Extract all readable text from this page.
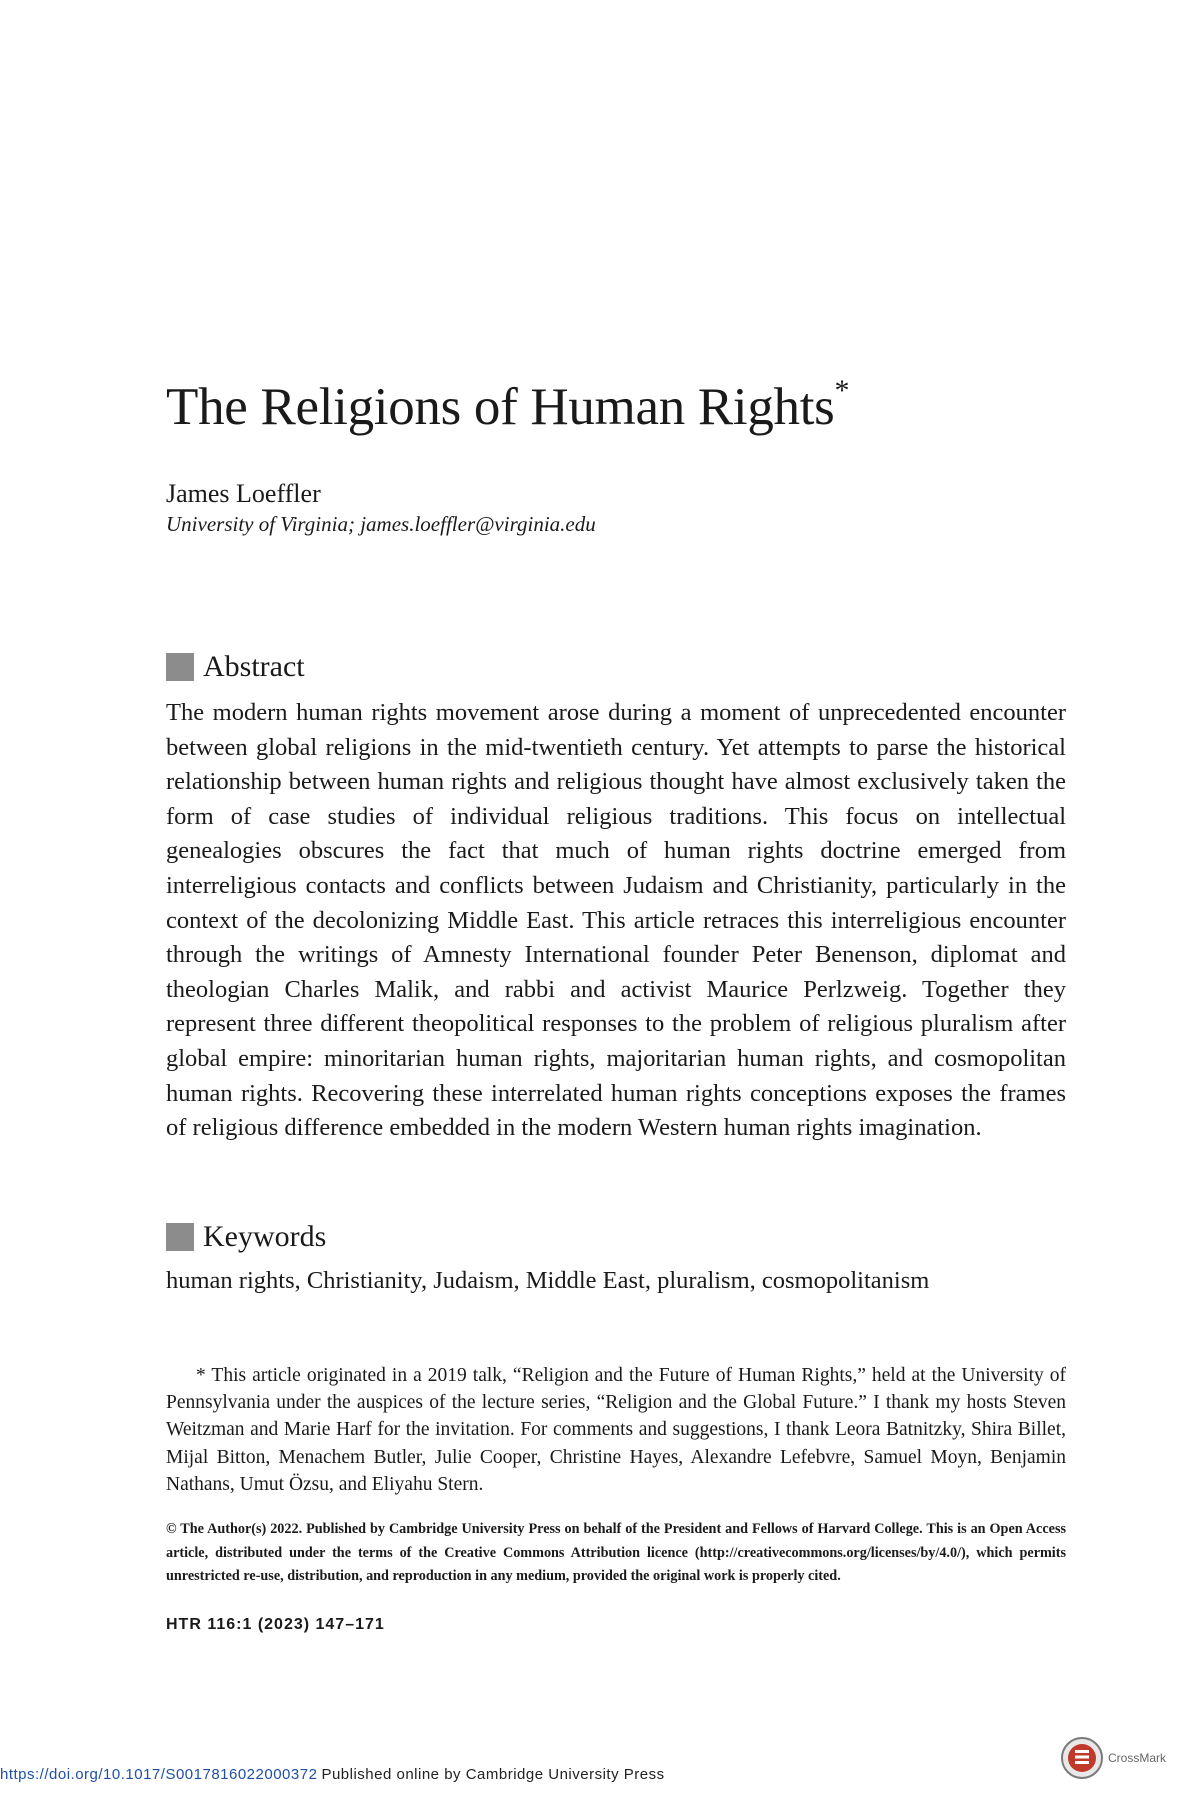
The Religions of Human Rights*
James Loeffler
University of Virginia; james.loeffler@virginia.edu
Abstract

The modern human rights movement arose during a moment of unprecedented encounter between global religions in the mid-twentieth century. Yet attempts to parse the historical relationship between human rights and religious thought have almost exclusively taken the form of case studies of individual religious traditions. This focus on intellectual genealogies obscures the fact that much of human rights doctrine emerged from interreligious contacts and conflicts between Judaism and Christianity, particularly in the context of the decolonizing Middle East. This article retraces this interreligious encounter through the writings of Amnesty International founder Peter Benenson, diplomat and theologian Charles Malik, and rabbi and activist Maurice Perlzweig. Together they represent three different theopolitical responses to the problem of religious pluralism after global empire: minoritarian human rights, majoritarian human rights, and cosmopolitan human rights. Recovering these interrelated human rights conceptions exposes the frames of religious difference embedded in the modern Western human rights imagination.

Keywords
human rights, Christianity, Judaism, Middle East, pluralism, cosmopolitanism

* This article originated in a 2019 talk, “Religion and the Future of Human Rights,” held at the University of Pennsylvania under the auspices of the lecture series, “Religion and the Global Future.” I thank my hosts Steven Weitzman and Marie Harf for the invitation. For comments and suggestions, I thank Leora Batnitzky, Shira Billet, Mijal Bitton, Menachem Butler, Julie Cooper, Christine Hayes, Alexandre Lefebvre, Samuel Moyn, Benjamin Nathans, Umut Özsu, and Eliyahu Stern.

© The Author(s) 2022. Published by Cambridge University Press on behalf of the President and Fellows of Harvard College. This is an Open Access article, distributed under the terms of the Creative Commons Attribution licence (http://creativecommons.org/licenses/by/4.0/), which permits unrestricted re-use, distribution, and reproduction in any medium, provided the original work is properly cited.

HTR 116:1 (2023) 147–171
https://doi.org/10.1017/S0017816022000372 Published online by Cambridge University Press
CrossMark
